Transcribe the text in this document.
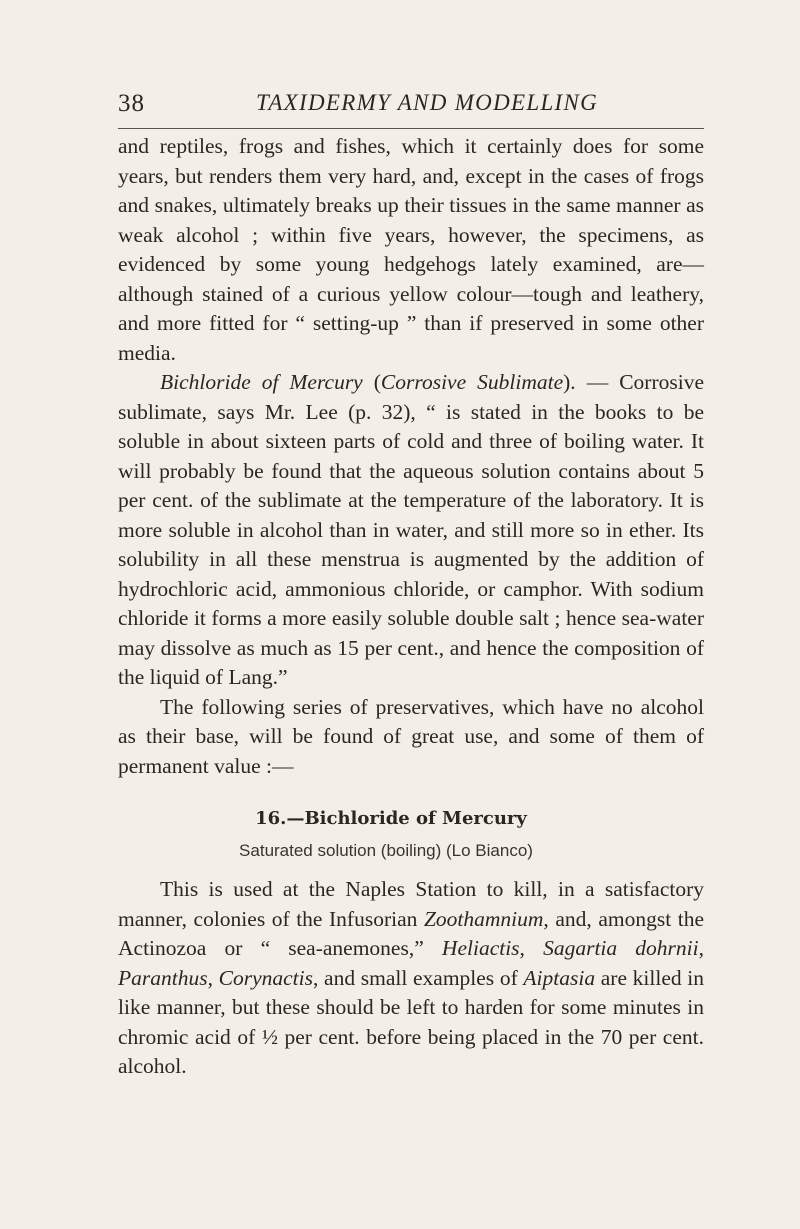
38	TAXIDERMY AND MODELLING

and reptiles, frogs and fishes, which it certainly does for some years, but renders them very hard, and, except in the cases of frogs and snakes, ultimately breaks up their tissues in the same manner as weak alcohol ; within five years, however, the specimens, as evidenced by some young hedgehogs lately examined, are—although stained of a curious yellow colour—tough and leathery, and more fitted for “ setting-up ” than if preserved in some other media.

Bichloride of Mercury (Corrosive Sublimate). — Corrosive sublimate, says Mr. Lee (p. 32), “ is stated in the books to be soluble in about sixteen parts of cold and three of boiling water. It will probably be found that the aqueous solution contains about 5 per cent. of the sublimate at the temperature of the laboratory. It is more soluble in alcohol than in water, and still more so in ether. Its solubility in all these menstrua is augmented by the addition of hydrochloric acid, ammonious chloride, or camphor. With sodium chloride it forms a more easily soluble double salt ; hence sea-water may dissolve as much as 15 per cent., and hence the composition of the liquid of Lang.”

The following series of preservatives, which have no alcohol as their base, will be found of great use, and some of them of permanent value :—

16.—Bichloride of Mercury
Saturated solution (boiling) (Lo Bianco)

This is used at the Naples Station to kill, in a satisfactory manner, colonies of the Infusorian Zoothamnium, and, amongst the Actinozoa or “ sea-anemones,” Heliactis, Sagartia dohrnii, Paranthus, Corynactis, and small examples of Aiptasia are killed in like manner, but these should be left to harden for some minutes in chromic acid of ½ per cent. before being placed in the 70 per cent. alcohol.
